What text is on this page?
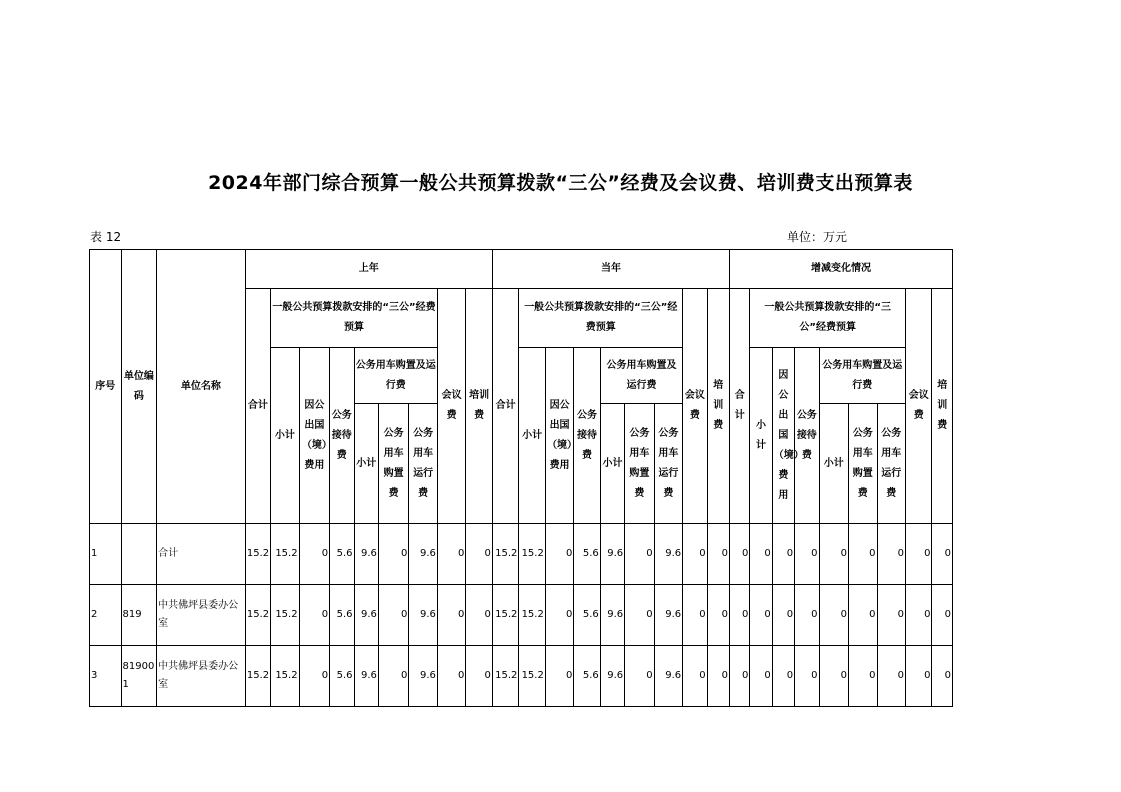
2024年部门综合预算一般公共预算拨款“三公”经费及会议费、培训费支出预算表
表 12	单位：万元
序号	单位编码	单位名称	上年									当年									增减变化情况								
			合计	一般公共预算拨款安排的“三公”经费预算						会议费	培训费	合计	一般公共预算拨款安排的“三公”经费预算						会议费	培训费	合计	一般公共预算拨款安排的“三公”经费预算						会议费	培训费
				小计	因公出国（境）费用	公务接待费	公务用车购置及运行费						小计	因公出国（境）费用	公务接待费	公务用车购置及运行费						小计	因公出国（境）费用	公务接待费	公务用车购置及运行费				
							小计	公务用车购置费	公务用车运行费							小计	公务用车购置费	公务用车运行费							小计	公务用车购置费	公务用车运行费		
1		合计	15.2	15.2	0	5.6	9.6	0	9.6	0	0	15.2	15.2	0	5.6	9.6	0	9.6	0	0	0	0	0	0	0	0	0	0	0
2	819	中共佛坪县委办公室	15.2	15.2	0	5.6	9.6	0	9.6	0	0	15.2	15.2	0	5.6	9.6	0	9.6	0	0	0	0	0	0	0	0	0	0	0
3	819001	中共佛坪县委办公室	15.2	15.2	0	5.6	9.6	0	9.6	0	0	15.2	15.2	0	5.6	9.6	0	9.6	0	0	0	0	0	0	0	0	0	0	0
